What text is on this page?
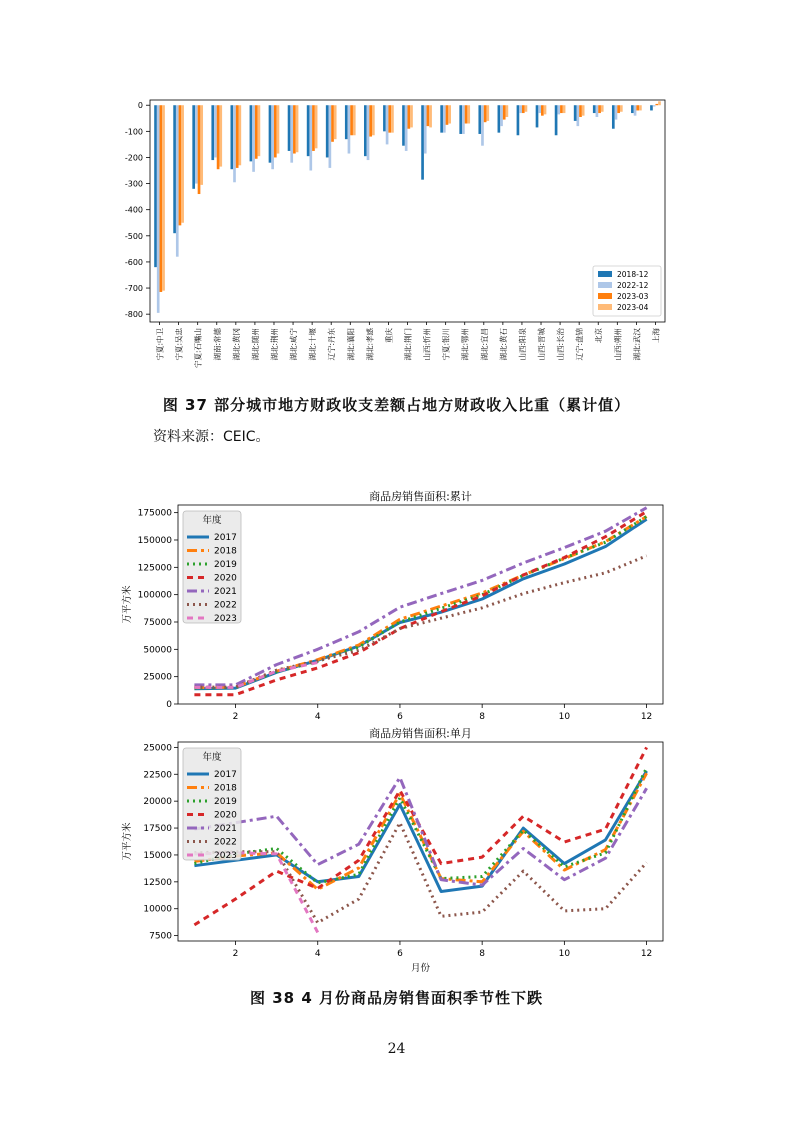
0
-100
-200
-300
-400
-500
-600
-700
-800
宁夏:中卫 宁夏:吴忠 宁夏:石嘴山 湖南:常德 湖北:黄冈 湖北:随州 湖北:荆州 湖北:咸宁 湖北:十堰 辽宁:丹东 湖北:襄阳 湖北:孝感 重庆 湖北:荆门 山西:忻州 宁夏:银川 湖北:鄂州 湖北:宜昌 湖北:黄石 山西:阳泉 山西:晋城 山西:长治 辽宁:盘锦 北京 山西:朔州 湖北:武汉 上海
2018-12
2022-12
2023-03
2023-04
图 37 部分城市地方财政收支差额占地方财政收入比重（累计值）
资料来源：CEIC。
商品房销售面积:累计
0
25000
50000
75000
100000
125000
150000
175000
2	4	6	8	10	12
万平方米
年度
2017
2018
2019
2020
2021
2022
2023
商品房销售面积:单月
7500
10000
12500
15000
17500
20000
22500
25000
2	4	6	8	10	12
万平方米
月份
年度
2017
2018
2019
2020
2021
2022
2023
图 38 4 月份商品房销售面积季节性下跌
24
